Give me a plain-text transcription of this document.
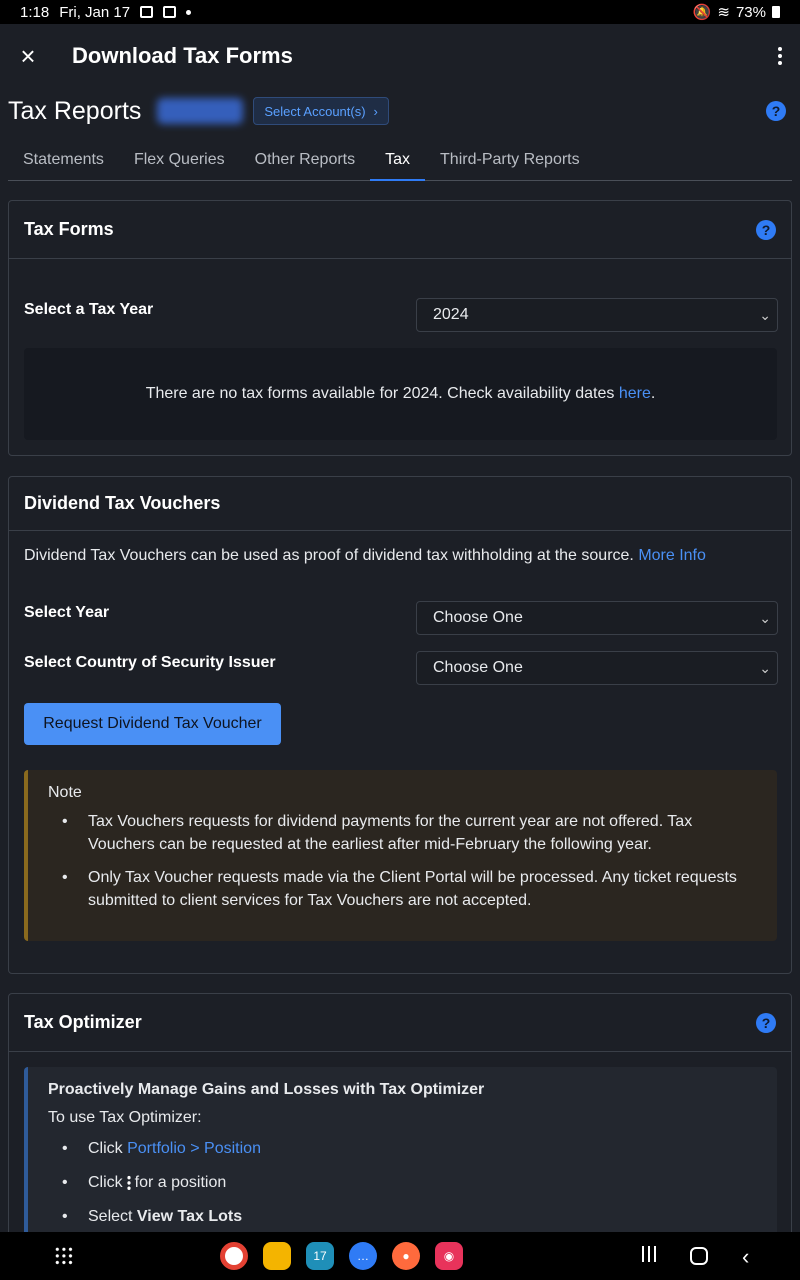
1:18 Fri, Jan 17	🔕 ≋ 73%
×	Download Tax Forms
Tax Reports	Select Account(s) ›	?
Statements	Flex Queries	Other Reports	Tax	Third-Party Reports
Tax Forms	?
Select a Tax Year	2024	⌄
There are no tax forms available for 2024. Check availability dates here .
Dividend Tax Vouchers
Dividend Tax Vouchers can be used as proof of dividend tax withholding at the source. More Info
Select Year	Choose One	⌄
Select Country of Security Issuer	Choose One	⌄
Request Dividend Tax Voucher
Note
• Tax Vouchers requests for dividend payments for the current year are not offered. Tax Vouchers can be requested at the earliest after mid-February the following year.
• Only Tax Voucher requests made via the Client Portal will be processed. Any ticket requests submitted to client services for Tax Vouchers are not accepted.
Tax Optimizer	?
Proactively Manage Gains and Losses with Tax Optimizer
To use Tax Optimizer:
• Click Portfolio > Position
• Click for a position
• Select View Tax Lots
17	…	●	◉	‹
